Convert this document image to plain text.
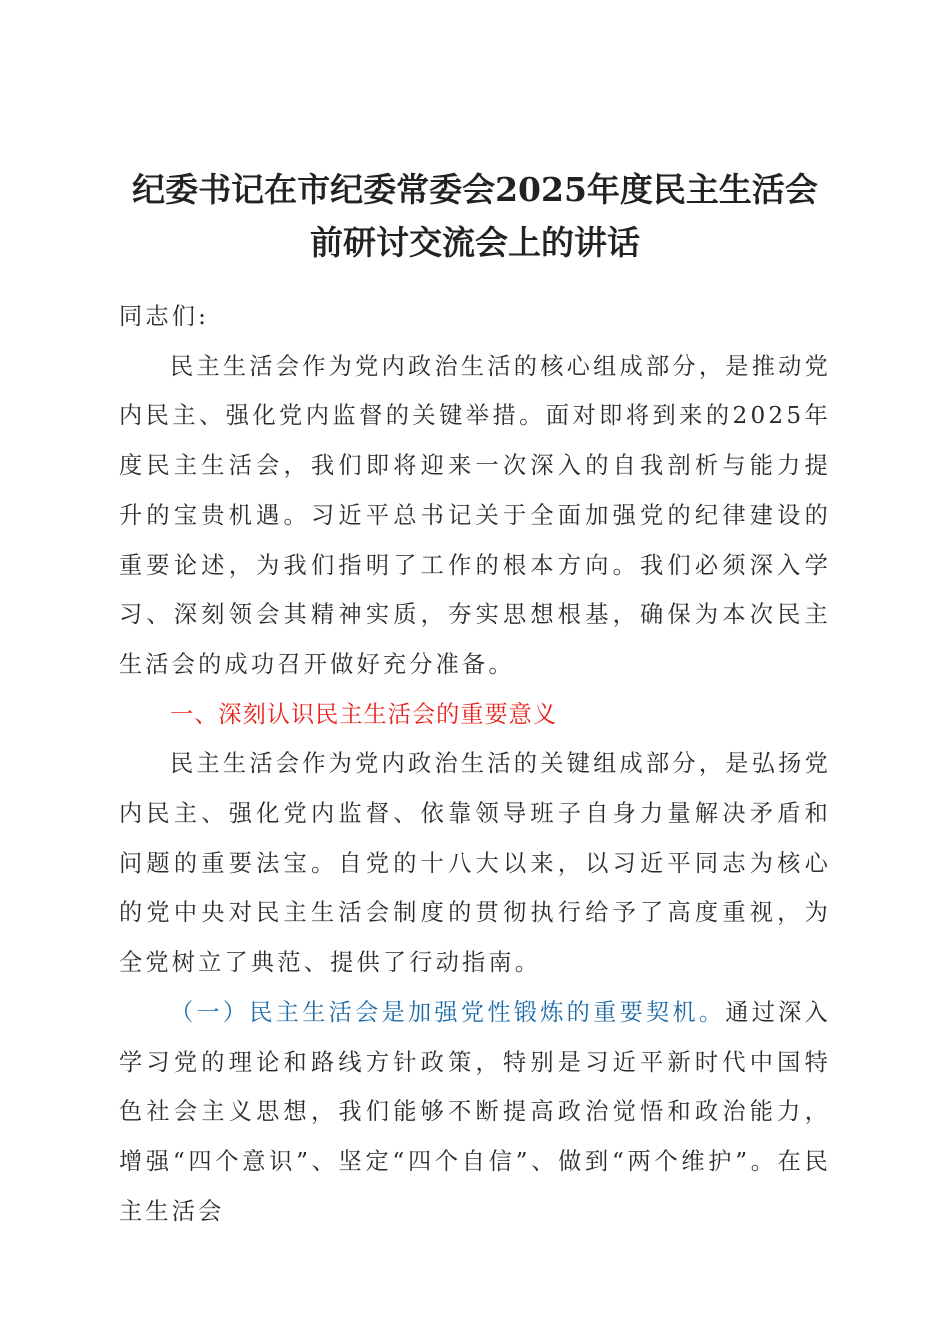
纪委书记在市纪委常委会2025年度民主生活会
前研讨交流会上的讲话

同志们:

民主生活会作为党内政治生活的核心组成部分，是推动党内民主、强化党内监督的关键举措。面对即将到来的2025年度民主生活会，我们即将迎来一次深入的自我剖析与能力提升的宝贵机遇。习近平总书记关于全面加强党的纪律建设的重要论述，为我们指明了工作的根本方向。我们必须深入学习、深刻领会其精神实质，夯实思想根基，确保为本次民主生活会的成功召开做好充分准备。

一、深刻认识民主生活会的重要意义

民主生活会作为党内政治生活的关键组成部分，是弘扬党内民主、强化党内监督、依靠领导班子自身力量解决矛盾和问题的重要法宝。自党的十八大以来，以习近平同志为核心的党中央对民主生活会制度的贯彻执行给予了高度重视，为全党树立了典范、提供了行动指南。

（一）民主生活会是加强党性锻炼的重要契机。通过深入学习党的理论和路线方针政策，特别是习近平新时代中国特色社会主义思想，我们能够不断提高政治觉悟和政治能力，增强“四个意识”、坚定“四个自信”、做到“两个维护”。在民主生活会
